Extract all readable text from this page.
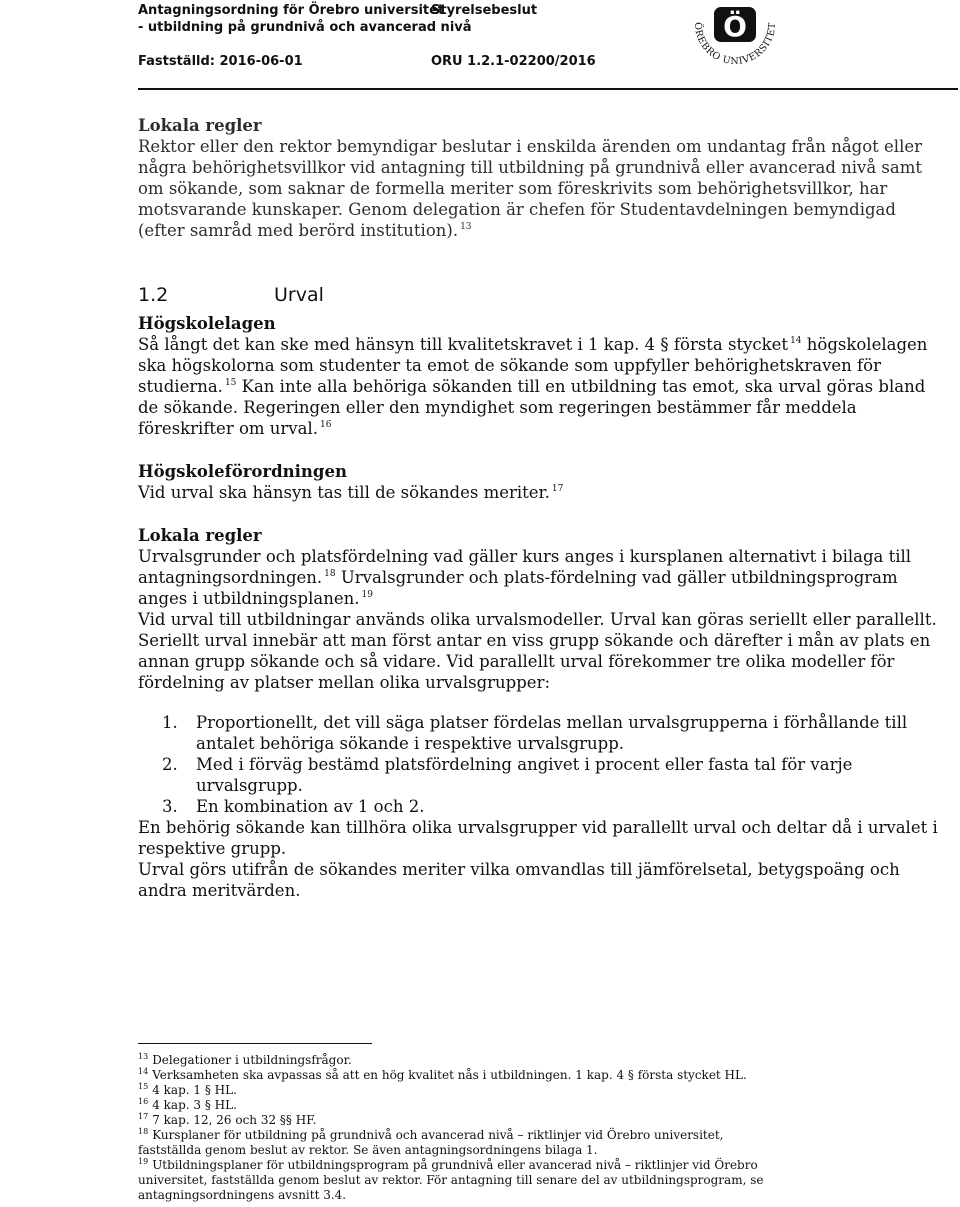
Antagningsordning för Örebro universitet
- utbildning på grundnivå och avancerad nivå
Styrelsebeslut
Fastställd: 2016-06-01	ORU 1.2.1-02200/2016
Ö
ÖREBRO UNIVERSITET
Lokala regler

Rektor eller den rektor bemyndigar beslutar i enskilda ärenden om undantag från något eller några behörighetsvillkor vid antagning till utbildning på grundnivå eller avancerad nivå samt om sökande, som saknar de formella meriter som föreskrivits som behörighetsvillkor, har motsvarande kunskaper. Genom delegation är chefen för Studentavdelningen bemyndigad (efter samråd med berörd institution). $^{13}$

1.2	Urval
Högskolelagen

Så långt det kan ske med hänsyn till kvalitetskravet i 1 kap. 4 § första stycket $^{14}$ högskolelagen ska högskolorna som studenter ta emot de sökande som uppfyller behörighetskraven för studierna. $^{15}$ Kan inte alla behöriga sökanden till en utbildning tas emot, ska urval göras bland de sökande. Regeringen eller den myndighet som regeringen bestämmer får meddela föreskrifter om urval. $^{16}$

Högskoleförordningen

Vid urval ska hänsyn tas till de sökandes meriter. $^{17}$

Lokala regler

Urvalsgrunder och platsfördelning vad gäller kurs anges i kursplanen alternativt i bilaga till antagningsordningen. $^{18}$ Urvalsgrunder och plats-fördelning vad gäller utbildningsprogram anges i utbildningsplanen. $^{19}$

Vid urval till utbildningar används olika urvalsmodeller. Urval kan göras seriellt eller parallellt. Seriellt urval innebär att man först antar en viss grupp sökande och därefter i mån av plats en annan grupp sökande och så vidare. Vid parallellt urval förekommer tre olika modeller för fördelning av platser mellan olika urvalsgrupper:

1.	Proportionellt, det vill säga platser fördelas mellan urvalsgrupperna i förhållande till antalet behöriga sökande i respektive urvalsgrupp.
2.	Med i förväg bestämd platsfördelning angivet i procent eller fasta tal för varje urvalsgrupp.
3.	En kombination av 1 och 2.

En behörig sökande kan tillhöra olika urvalsgrupper vid parallellt urval och deltar då i urvalet i respektive grupp.

Urval görs utifrån de sökandes meriter vilka omvandlas till jämförelsetal, betygspoäng och andra meritvärden.

$^{13}$ Delegationer i utbildningsfrågor.

$^{14}$ Verksamheten ska avpassas så att en hög kvalitet nås i utbildningen. 1 kap. 4 § första stycket HL.

$^{15}$ 4 kap. 1 § HL.

$^{16}$ 4 kap. 3 § HL.

$^{17}$ 7 kap. 12, 26 och 32 §§ HF.

$^{18}$ Kursplaner för utbildning på grundnivå och avancerad nivå – riktlinjer vid Örebro universitet, fastställda genom beslut av rektor. Se även antagningsordningens bilaga 1.

$^{19}$ Utbildningsplaner för utbildningsprogram på grundnivå eller avancerad nivå – riktlinjer vid Örebro universitet, fastställda genom beslut av rektor. För antagning till senare del av utbildningsprogram, se antagningsordningens avsnitt 3.4.
